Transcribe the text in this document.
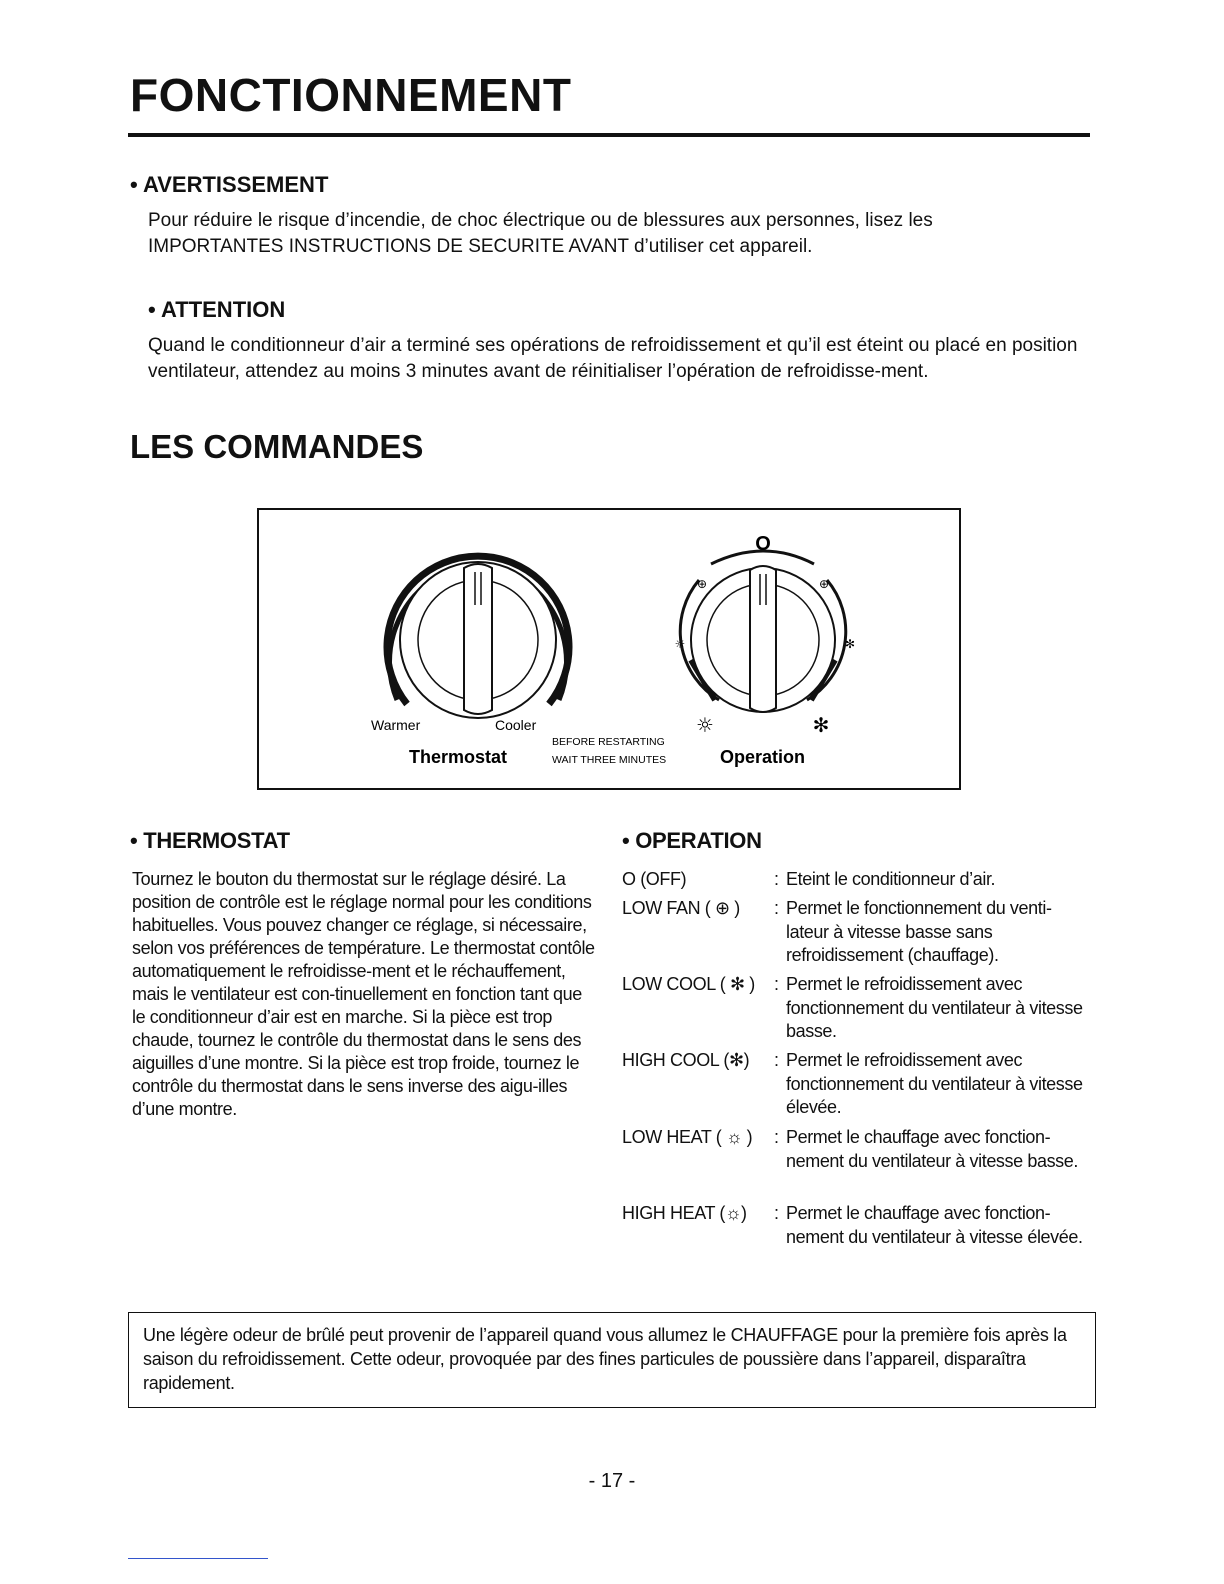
FONCTIONNEMENT
• AVERTISSEMENT

Pour réduire le risque d’incendie, de choc électrique ou de blessures aux personnes, lisez les IMPORTANTES INSTRUCTIONS DE SECURITE AVANT d’utiliser cet appareil.

• ATTENTION

Quand le conditionneur d’air a terminé ses opérations de refroidissement et qu’il est éteint ou placé en position ventilateur, attendez au moins 3 minutes avant de réinitialiser l’opération de refroidisse-ment.

LES COMMANDES
O
⊕	⊕
☼	✻
☼	✻
Warmer	Cooler
Thermostat
BEFORE RESTARTING
WAIT THREE MINUTES	Operation
• THERMOSTAT

Tournez le bouton du thermostat sur le réglage désiré. La position de contrôle est le réglage normal pour les conditions habituelles. Vous pouvez changer ce réglage, si nécessaire, selon vos préférences de température. Le thermostat contôle automatiquement le refroidisse-ment et le réchauffement, mais le ventilateur est con-tinuellement en fonction tant que le conditionneur d’air est en marche. Si la pièce est trop chaude, tournez le contrôle du thermostat dans le sens des aiguilles d’une montre. Si la pièce est trop froide, tournez le contrôle du thermostat dans le sens inverse des aigu-illes d’une montre.

• OPERATION
O (OFF)	: Eteint le conditionneur d’air.
LOW FAN ( ⊕ ) : Permet le fonctionnement du venti-lateur à vitesse basse sans refroidissement (chauffage).
LOW COOL ( ✻ ) : Permet le refroidissement avec fonctionnement du ventilateur à vitesse basse.
HIGH COOL (✻) : Permet le refroidissement avec fonctionnement du ventilateur à vitesse élevée.
LOW HEAT ( ☼ ) : Permet le chauffage avec fonction-nement du ventilateur à vitesse basse.
HIGH HEAT (☼) : Permet le chauffage avec fonction-nement du ventilateur à vitesse élevée.

Une légère odeur de brûlé peut provenir de l’appareil quand vous allumez le CHAUFFAGE pour la première fois après la saison du refroidissement. Cette odeur, provoquée par des fines particules de poussière dans l’appareil, disparaîtra rapidement.

- 17 -
